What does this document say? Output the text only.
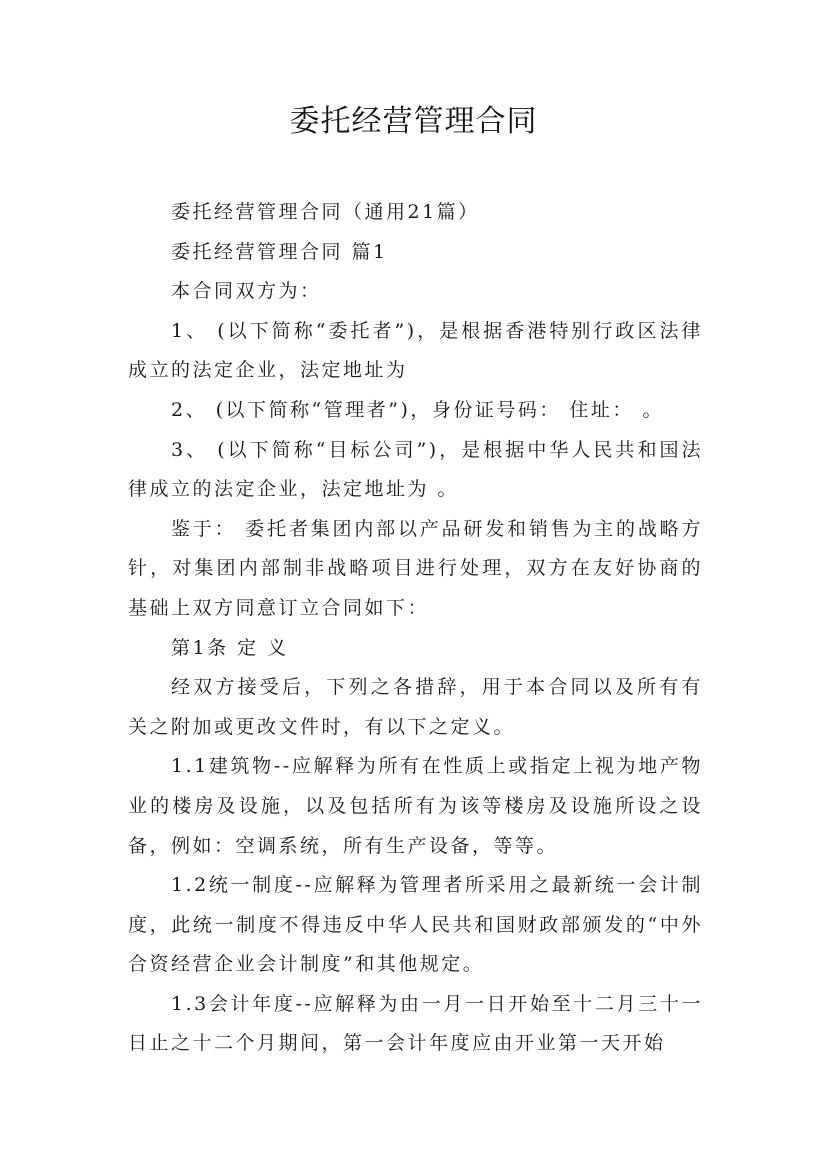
委托经营管理合同

委托经营管理合同（通用21篇）

委托经营管理合同 篇1

本合同双方为：

1、 (以下简称“委托者”)，是根据香港特别行政区法律成立的法定企业，法定地址为

2、 (以下简称“管理者”)，身份证号码： 住址： 。

3、 (以下简称“目标公司”)，是根据中华人民共和国法律成立的法定企业，法定地址为 。

鉴于： 委托者集团内部以产品研发和销售为主的战略方针，对集团内部制非战略项目进行处理，双方在友好协商的基础上双方同意订立合同如下：

第1条 定 义

经双方接受后，下列之各措辞，用于本合同以及所有有关之附加或更改文件时，有以下之定义。

1.1建筑物--应解释为所有在性质上或指定上视为地产物业的楼房及设施，以及包括所有为该等楼房及设施所设之设备，例如：空调系统，所有生产设备，等等。

1.2统一制度--应解释为管理者所采用之最新统一会计制度，此统一制度不得违反中华人民共和国财政部颁发的“中外合资经营企业会计制度”和其他规定。

1.3会计年度--应解释为由一月一日开始至十二月三十一日止之十二个月期间，第一会计年度应由开业第一天开始
